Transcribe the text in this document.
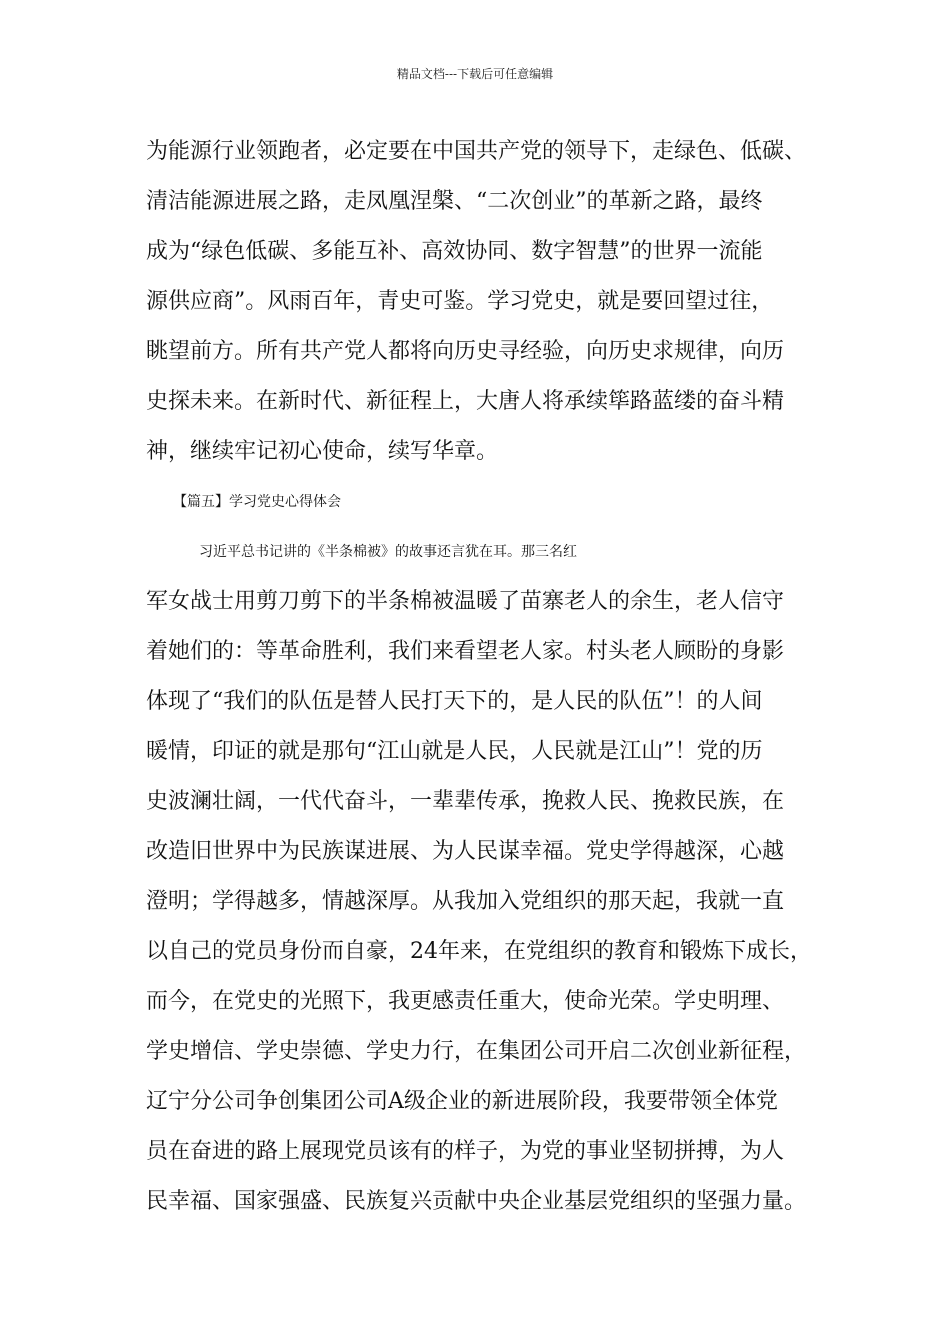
精品文档---下载后可任意编辑
为能源行业领跑者，必定要在中国共产党的领导下，走绿色、低碳、
清洁能源进展之路，走凤凰涅槃、“二次创业”的革新之路，最终
成为“绿色低碳、多能互补、高效协同、数字智慧”的世界一流能
源供应商”。风雨百年，青史可鉴。学习党史，就是要回望过往，
眺望前方。所有共产党人都将向历史寻经验，向历史求规律，向历
史探未来。在新时代、新征程上，大唐人将承续筚路蓝缕的奋斗精
神，继续牢记初心使命，续写华章。
【篇五】学习党史心得体会
习近平总书记讲的《半条棉被》的故事还言犹在耳。那三名红
军女战士用剪刀剪下的半条棉被温暖了苗寨老人的余生，老人信守
着她们的：等革命胜利，我们来看望老人家。村头老人顾盼的身影
体现了“我们的队伍是替人民打天下的，是人民的队伍”！的人间
暖情，印证的就是那句“江山就是人民，人民就是江山”！党的历
史波澜壮阔，一代代奋斗，一辈辈传承，挽救人民、挽救民族，在
改造旧世界中为民族谋进展、为人民谋幸福。党史学得越深，心越
澄明；学得越多，情越深厚。从我加入党组织的那天起，我就一直
以自己的党员身份而自豪，24年来，在党组织的教育和锻炼下成长，
而今，在党史的光照下，我更感责任重大，使命光荣。学史明理、
学史增信、学史崇德、学史力行，在集团公司开启二次创业新征程，
辽宁分公司争创集团公司A级企业的新进展阶段，我要带领全体党
员在奋进的路上展现党员该有的样子，为党的事业坚韧拼搏，为人
民幸福、国家强盛、民族复兴贡献中央企业基层党组织的坚强力量。
